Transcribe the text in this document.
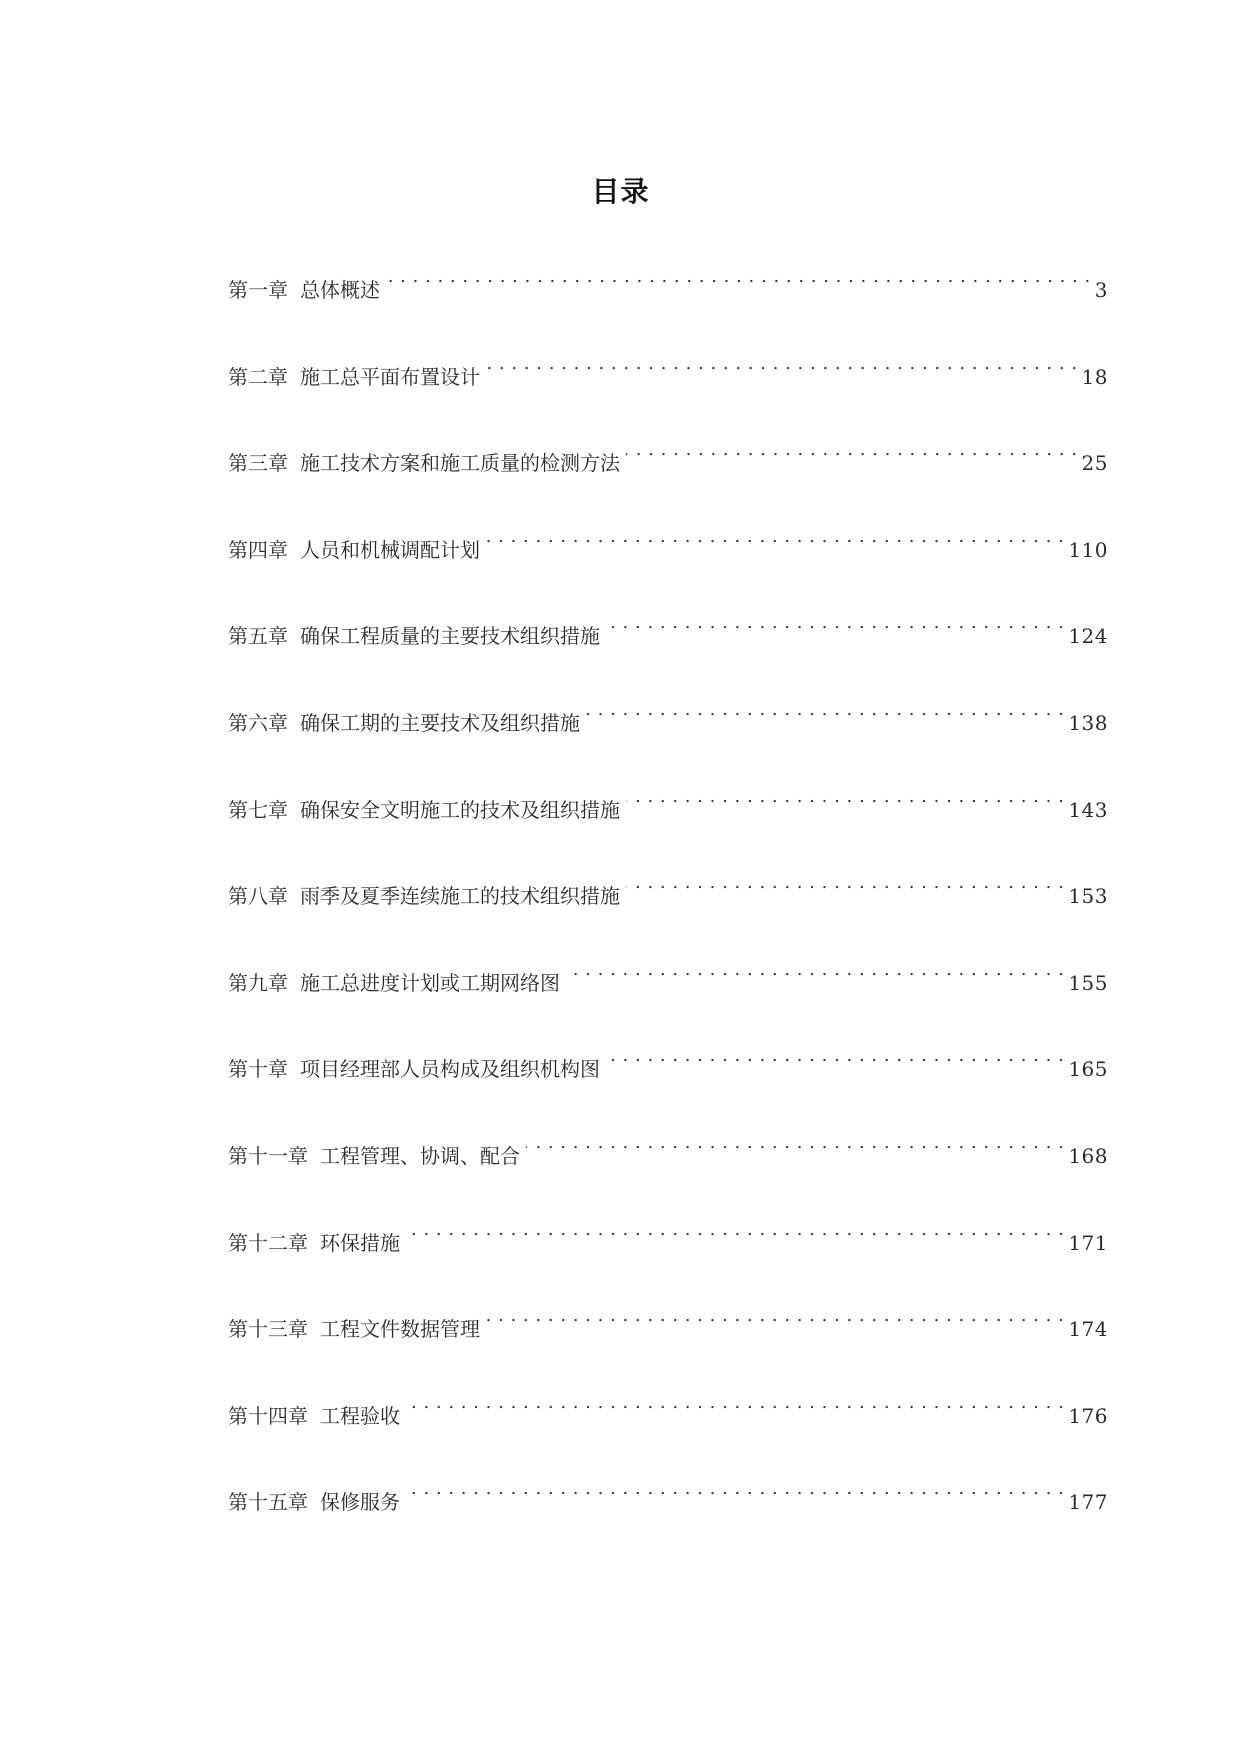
目录
第一章 总体概述 . . .	3
第二章 施工总平面布置设计 . . .	18
第三章 施工技术方案和施工质量的检测方法 . . .	25
第四章 人员和机械调配计划 . . .	110
第五章 确保工程质量的主要技术组织措施 . . .	124
第六章 确保工期的主要技术及组织措施 . . .	138
第七章 确保安全文明施工的技术及组织措施 . . .	143
第八章 雨季及夏季连续施工的技术组织措施 . . .	153
第九章 施工总进度计划或工期网络图 . . .	155
第十章 项目经理部人员构成及组织机构图 . . .	165
第十一章 工程管理、协调、配合 . . .	168
第十二章 环保措施 . . .	171
第十三章 工程文件数据管理 . . .	174
第十四章 工程验收 . . .	176
第十五章 保修服务 . . .	177
